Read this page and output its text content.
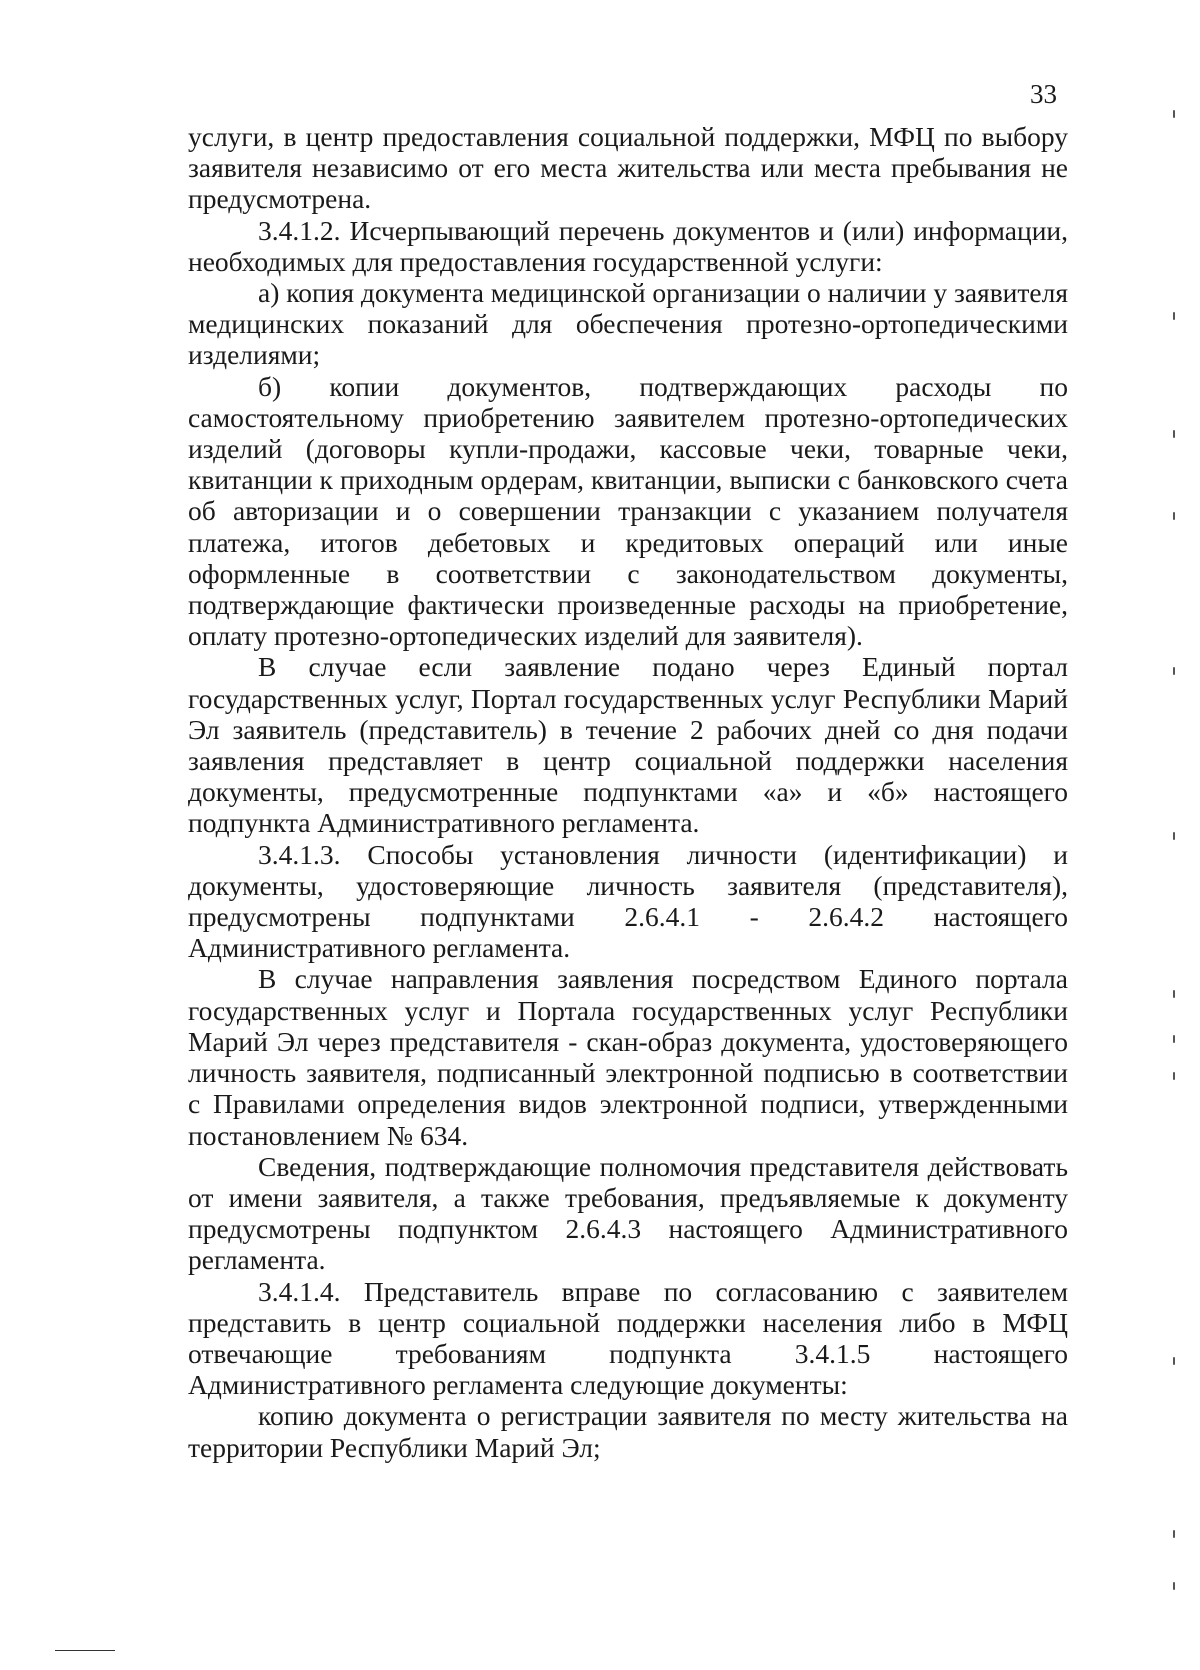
33

услуги, в центр предоставления социальной поддержки, МФЦ по выбору заявителя независимо от его места жительства или места пребывания не предусмотрена.

3.4.1.2. Исчерпывающий перечень документов и (или) информации, необходимых для предоставления государственной услуги:

а) копия документа медицинской организации о наличии у заявителя медицинских показаний для обеспечения протезно-ортопедическими изделиями;

б) копии документов, подтверждающих расходы по самостоятельному приобретению заявителем протезно-ортопедических изделий (договоры купли-продажи, кассовые чеки, товарные чеки, квитанции к приходным ордерам, квитанции, выписки с банковского счета об авторизации и о совершении транзакции с указанием получателя платежа, итогов дебетовых и кредитовых операций или иные оформленные в соответствии с законодательством документы, подтверждающие фактически произведенные расходы на приобретение, оплату протезно-ортопедических изделий для заявителя).

В случае если заявление подано через Единый портал государственных услуг, Портал государственных услуг Республики Марий Эл заявитель (представитель) в течение 2 рабочих дней со дня подачи заявления представляет в центр социальной поддержки населения документы, предусмотренные подпунктами «а» и «б» настоящего подпункта Административного регламента.

3.4.1.3. Способы установления личности (идентификации) и документы, удостоверяющие личность заявителя (представителя), предусмотрены подпунктами 2.6.4.1 - 2.6.4.2 настоящего Административного регламента.

В случае направления заявления посредством Единого портала государственных услуг и Портала государственных услуг Республики Марий Эл через представителя - скан-образ документа, удостоверяющего личность заявителя, подписанный электронной подписью в соответствии с Правилами определения видов электронной подписи, утвержденными постановлением № 634.

Сведения, подтверждающие полномочия представителя действовать от имени заявителя, а также требования, предъявляемые к документу предусмотрены подпунктом 2.6.4.3 настоящего Административного регламента.

3.4.1.4. Представитель вправе по согласованию с заявителем представить в центр социальной поддержки населения либо в МФЦ отвечающие требованиям подпункта 3.4.1.5 настоящего Административного регламента следующие документы:

копию документа о регистрации заявителя по месту жительства на территории Республики Марий Эл;
